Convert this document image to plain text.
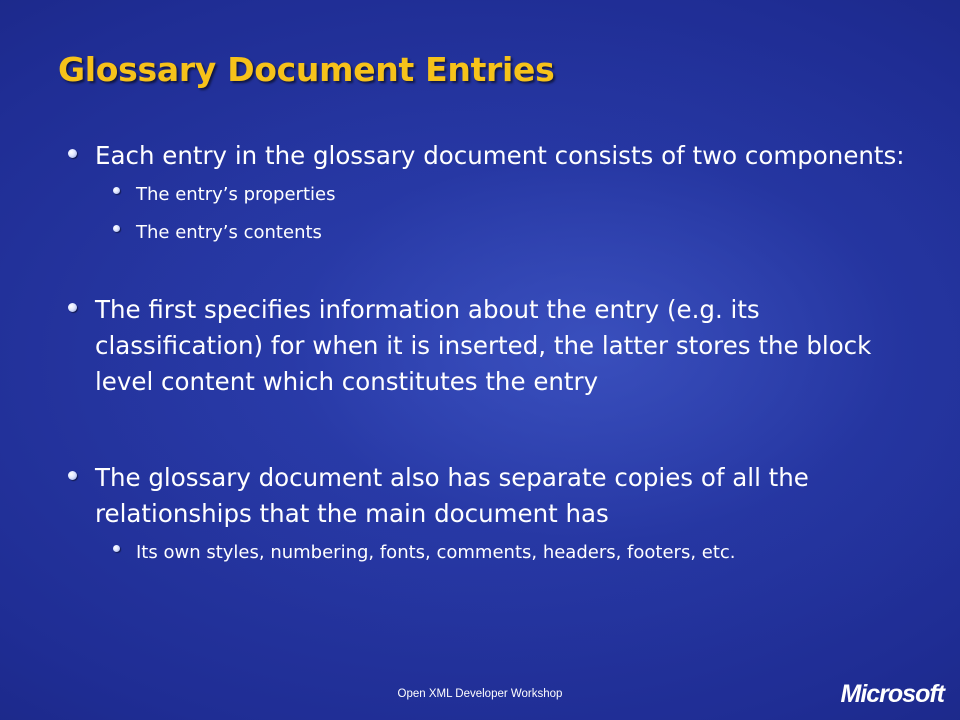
Glossary Document Entries
Each entry in the glossary document consists of two components:
The entry’s properties
The entry’s contents
The first specifies information about the entry (e.g. its classification) for when it is inserted, the latter stores the block level content which constitutes the entry
The glossary document also has separate copies of all the relationships that the main document has
Its own styles, numbering, fonts, comments, headers, footers, etc.
Open XML Developer Workshop	Microsoft
